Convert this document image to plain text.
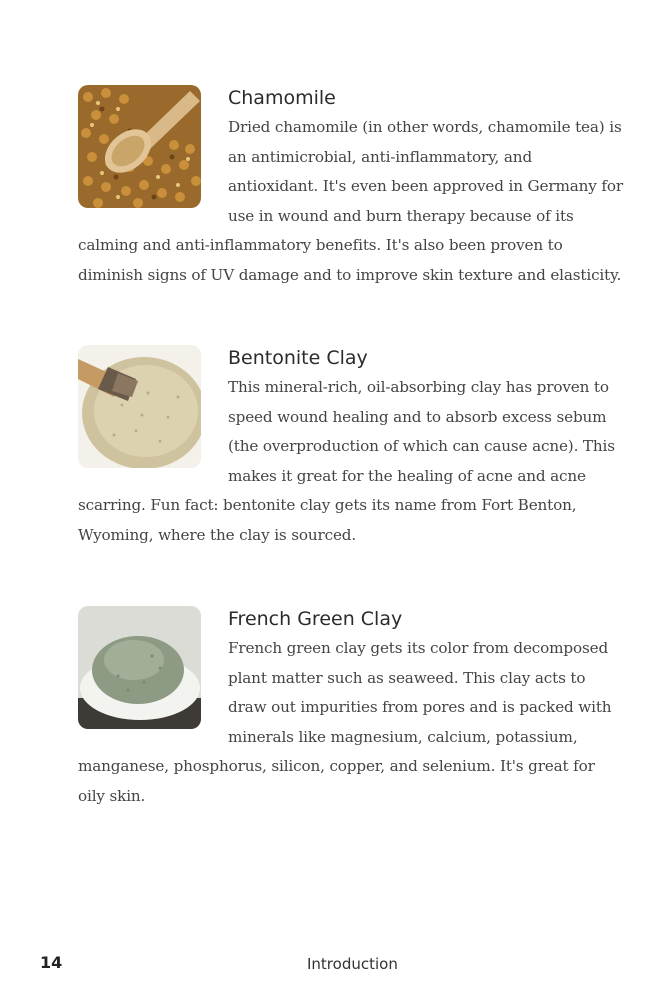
Chamomile

Dried chamomile (in other words, chamomile tea) is an antimicrobial, anti-inflammatory, and antioxidant. It's even been approved in Germany for use in wound and burn therapy because of its calming and anti-inflammatory benefits. It's also been proven to diminish signs of UV damage and to improve skin texture and elasticity.

Bentonite Clay

This mineral-rich, oil-absorbing clay has proven to speed wound healing and to absorb excess sebum (the overproduction of which can cause acne). This makes it great for the healing of acne and acne scarring. Fun fact: bentonite clay gets its name from Fort Benton, Wyoming, where the clay is sourced.

French Green Clay

French green clay gets its color from decomposed plant matter such as seaweed. This clay acts to draw out impurities from pores and is packed with minerals like magnesium, calcium, potassium, manganese, phosphorus, silicon, copper, and selenium. It's great for oily skin.

14	Introduction
